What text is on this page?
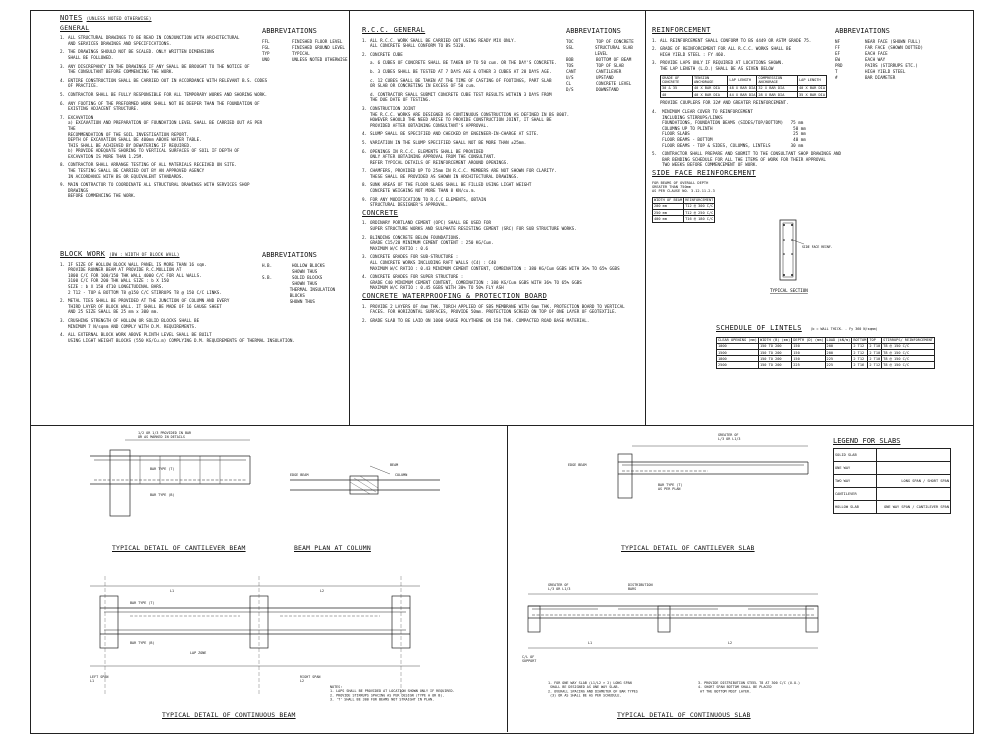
NOTES (UNLESS NOTED OTHERWISE)
GENERAL
1. ALL STRUCTURAL DRAWINGS TO BE READ IN CONJUNCTION WITH ARCHITECTURAL
AND SERVICES DRAWINGS AND SPECIFICATIONS.
2. THE DRAWINGS SHOULD NOT BE SCALED. ONLY WRITTEN DIMENSIONS
SHALL BE FOLLOWED.
3. ANY DISCREPANCY IN THE DRAWINGS IF ANY SHALL BE BROUGHT TO THE NOTICE OF
THE CONSULTANT BEFORE COMMENCING THE WORK.
4. ENTIRE CONSTRUCTION SHALL BE CARRIED OUT IN ACCORDANCE WITH RELEVANT B.S. CODES
OF PRACTICE.
5. CONTRACTOR SHALL BE FULLY RESPONSIBLE FOR ALL TEMPORARY WORKS AND SHORING WORK.
6. ANY FOOTING OF THE PREFORMED WORK SHALL NOT BE DEEPER THAN THE FOUNDATION OF
EXISTING ADJACENT STRUCTURE.
7. EXCAVATION
a) EXCAVATION AND PREPARATION OF FOUNDATION LEVEL SHALL BE CARRIED OUT AS PER THE
RECOMMENDATION OF THE SOIL INVESTIGATION REPORT.
DEPTH OF EXCAVATION SHALL BE 400mm ABOVE WATER TABLE.
THIS SHALL BE ACHIEVED BY DEWATERING IF REQUIRED.
b) PROVIDE ADEQUATE SHORING TO VERTICAL SURFACES OF SOIL IF DEPTH OF
EXCAVATION IS MORE THAN 1.25M.
8. CONTRACTOR SHALL ARRANGE TESTING OF ALL MATERIALS RECEIVED ON SITE.
THE TESTING SHALL BE CARRIED OUT BY AN APPROVED AGENCY
IN ACCORDANCE WITH BS OR EQUIVALENT STANDARDS.
9. MAIN CONTRACTOR TO COORDINATE ALL STRUCTURAL DRAWINGS WITH SERVICES SHOP DRAWINGS
BEFORE COMMENCING THE WORK.
ABBREVIATIONS
FFL	FINISHED FLOOR LEVEL
FGL	FINISHED GROUND LEVEL
TYP	TYPICAL
UNO	UNLESS NOTED OTHERWISE
BLOCK WORK (BW : WIDTH OF BLOCK WALL)
1. IF SIZE OF HOLLOW BLOCK WALL PANEL IS MORE THAN 16 sqm.
PROVIDE RUNNER BEAM AT PROVIDE R.C.MULLION AT
1800 C/C FOR 100/150 THK WALL 4000 C/C FOR ALL WALLS.
3100 C/C FOR 200 THK WALL SIZE : b X 150
SIZE : b X 150 4T10 LONGITUDINAL BARS.
2 T12 - TOP & BOTTOM T8 @150 C/C STIRRUPS T8 @ 150 C/C LINKS.
2. METAL TIES SHALL BE PROVIDED AT THE JUNCTION OF COLUMN AND EVERY
THIRD LAYER OF BLOCK WALL. IT SHALL BE MADE OF 16 GAUGE SHEET
AND 25 SIZE SHALL BE 25 mm x 300 mm.
3. CRUSHING STRENGTH OF HOLLOW OR SOLID BLOCKS SHALL BE
MINIMUM 7 N/sqmm AND COMPLY WITH D.M. REQUIREMENTS.
4. ALL EXTERNAL BLOCK WORK ABOVE PLINTH LEVEL SHALL BE BUILT
USING LIGHT WEIGHT BLOCKS (550 KG/Cu.m) COMPLYING D.M. REQUIREMENTS OF THERMAL INSULATION.
ABBREVIATIONS
H.B.	HOLLOW BLOCKS
SHOWN THUS
S.B.	SOLID BLOCKS
SHOWN THUS
THERMAL INSULATION BLOCKS
SHOWN THUS
R.C.C. GENERAL
1. ALL R.C.C. WORK SHALL BE CARRIED OUT USING READY MIX ONLY.
ALL CONCRETE SHALL CONFORM TO BS 5328.
2. CONCRETE CUBE
a. 6 CUBES OF CONCRETE SHALL BE TAKEN UP TO 50 cum. OR THE DAY'S CONCRETE.
b. 3 CUBES SHALL BE TESTED AT 7 DAYS AGE & OTHER 3 CUBES AT 28 DAYS AGE.
c. 12 CUBES SHALL BE TAKEN AT THE TIME OF CASTING OF FOOTINGS, PART SLAB
OR SLAB OR CONCRETING IN EXCESS OF 50 cum.
d. CONTRACTOR SHALL SUBMIT CONCRETE CUBE TEST RESULTS WITHIN 3 DAYS FROM
THE DUE DATE OF TESTING.
3. CONSTRUCTION JOINT
THE R.C.C. WORKS ARE DESIGNED AS CONTINUOUS CONSTRUCTION AS DEFINED IN BS 8007.
HOWEVER SHOULD THE NEED ARISE TO PROVIDE CONSTRUCTION JOINT, IT SHALL BE
PROVIDED AFTER OBTAINING CONSULTANT'S APPROVAL.
4. SLUMP SHALL BE SPECIFIED AND CHECKED BY ENGINEER-IN-CHARGE AT SITE.
5. VARIATION IN THE SLUMP SPECIFIED SHALL NOT BE MORE THAN ±25mm.
6. OPENINGS IN R.C.C. ELEMENTS SHALL BE PROVIDED
ONLY AFTER OBTAINING APPROVAL FROM THE CONSULTANT.
REFER TYPICAL DETAILS OF REINFORCEMENT AROUND OPENINGS.
7. CHAMFERS, PROVIDED UP TO 25mm IN R.C.C. MEMBERS ARE NOT SHOWN FOR CLARITY.
THESE SHALL BE PROVIDED AS SHOWN IN ARCHITECTURAL DRAWINGS.
8. SUNK AREAS OF THE FLOOR SLABS SHALL BE FILLED USING LIGHT WEIGHT
CONCRETE WEIGHING NOT MORE THAN 8 KN/cu.m.
9. FOR ANY MODIFICATION TO R.C.C ELEMENTS, OBTAIN
STRUCTURAL DESIGNER'S APPROVAL.
CONCRETE
1. ORDINARY PORTLAND CEMENT (OPC) SHALL BE USED FOR
SUPER STRUCTURE WORKS AND SULPHATE RESISTING CEMENT (SRC) FOR SUB STRUCTURE WORKS.
2. BLINDING CONCRETE BELOW FOUNDATIONS.
GRADE C15/20 MINIMUM CEMENT CONTENT : 250 KG/Cum.
MAXIMUM W/C RATIO : 0.6
3. CONCRETE GRADES FOR SUB-STRUCTURE :
ALL CONCRETE WORKS INCLUDING RAFT WALLS (C4) : C40
MAXIMUM W/C RATIO : 0.43 MINIMUM CEMENT CONTENT, COMBINATION : 380 KG/Cum GGBS WITH 36% TO 65% GGBS
4. CONCRETE GRADES FOR SUPER STRUCTURE :
GRADE C40 MINIMUM CEMENT CONTENT, COMBINATION : 380 KG/Cum GGBS WITH 36% TO 65% GGBS
MAXIMUM W/C RATIO : 0.45 GGBS WITH 30% TO 50% FLY ASH
CONCRETE WATERPROOFING & PROTECTION BOARD
1. PROVIDE 2 LAYERS OF 4mm THK. TORCH APPLIED OF SBS MEMBRANE WITH 6mm THK. PROTECTION BOARD TO VERTICAL
FACES. FOR HORIZONTAL SURFACES, PROVIDE 50mm. PROTECTION SCREED ON TOP OF ONE LAYER OF GEOTEXTILE.
2. GRADE SLAB TO BE LAID ON 1000 GAUGE POLYTHENE ON 150 THK. COMPACTED ROAD BASE MATERIAL.
ABBREVIATIONS
TOC	TOP OF CONCRETE
SSL	STRUCTURAL SLAB LEVEL
BOB	BOTTOM OF BEAM
TOS	TOP OF SLAB
CANT	CANTILEVER
U/S	UPSTAND
CL	CONCRETE LEVEL
D/S	DOWNSTAND
REINFORCEMENT
1. ALL REINFORCEMENT SHALL CONFORM TO BS 4449 OR ASTM GRADE 75.
2. GRADE OF REINFORCEMENT FOR ALL R.C.C. WORKS SHALL BE
HIGH YIELD STEEL : FY 460.
3. PROVIDE LAPS ONLY IF REQUIRED AT LOCATIONS SHOWN.
THE LAP LENGTH (L.D.) SHALL BE AS GIVEN BELOW
GRADE OF CONCRETE	TENSION ANCHORAGE	LAP LENGTH	COMPRESSION ANCHORAGE	LAP LENGTH
30 & 35	40 X BAR DIA	48 X BAR DIA	32 X BAR DIA	40 X BAR DIA
40	40 X BAR DIA	44 X BAR DIA	28 X BAR DIA	35 X BAR DIA
PROVIDE COUPLERS FOR 32# AND GREATER REINFORCEMENT.
4.  MINIMUM CLEAR COVER TO REINFORCEMENT
INCLUDING STIRRUPS/LINKS
FOUNDATIONS, FOUNDATION BEAMS (SIDES/TOP/BOTTOM)   75 mm
COLUMNS UP TO PLINTH                                50 mm
FLOOR SLABS                                         25 mm
FLOOR BEAMS - BOTTOM                                40 mm
FLOOR BEAMS - TOP & SIDES, COLUMNS, LINTELS        30 mm
5.  CONTRACTOR SHALL PREPARE AND SUBMIT TO THE CONSULTANT SHOP DRAWINGS AND
BAR BENDING SCHEDULE FOR ALL THE ITEMS OF WORK FOR THEIR APPROVAL
TWO WEEKS BEFORE COMMENCEMENT OF WORK.
SIDE FACE REINFORCEMENT
FOR BEAMS OF OVERALL DEPTH
GREATER THAN 750mm
AS PER CLAUSE NO. 3.12.11.2.3
WIDTH OF BEAM	REINFORCEMENT
200 mm	T12 @ 300 C/C
250 mm	T12 @ 250 C/C
400 mm	T16 @ 180 C/C
ABBREVIATIONS
NF	NEAR FACE (SHOWN FULL)
FF	FAR FACE (SHOWN DOTTED)
EF	EACH FACE
EW	EACH WAY
PRD	PAIRS (STIRRUPS ETC.)
T	HIGH YIELD STEEL
#	BAR DIAMETER
SIDE FACE REINF.
TYPICAL SECTION
SCHEDULE OF LINTELS	(b = WALL THICK. - Fy 360 N/sqmm)
CLEAR OPENING (mm)	WIDTH (B) (mm)	DEPTH (D) (mm)	LOAD (kN/m)	BOTTOM	TOP	STIRRUPS/ REINFORCEMENT
1000	150 TO 200	150	200	2 T12	2 T10	T8 @ 150 C/C
1500	150 TO 200	150	200	2 T12	2 T10	T8 @ 150 C/C
1800	150 TO 200	150	225	2 T12	2 T10	T8 @ 150 C/C
2500	150 TO 200	225	225	2 T16	2 T12	T8 @ 150 C/C
LEGEND FOR SLABS
SOLID SLAB	
ONE WAY	
TWO WAY	LONG SPAN / SHORT SPAN
CANTILEVER	
HOLLOW SLAB	ONE WAY SPAN / CANTILEVER SPAN
1/2 OR 1/3 PROVIDED IN BAR OR AS MARKED IN DETAILS
BAR TYPE (T)
BAR TYPE (B)
BEAM
COLUMN
EDGE BEAM
L1	L2
BAR TYPE (T)
BAR TYPE (B)
LEFT SPAN L1
RIGHT SPAN L2
LAP ZONE
NOTES: 1. LAPS SHALL BE PROVIDED AT LOCATION SHOWN ONLY IF REQUIRED. 2. PROVIDE STIRRUPS SPACING AS PER DESIGN (TYPE A OR B). 3. 'T' SHALL BE 300 FOR BEAMS NOT STRAIGHT IN PLAN.
TYPICAL DETAIL OF CANTILEVER BEAM	BEAM PLAN AT COLUMN
TYPICAL DETAIL OF CONTINUOUS BEAM
GREATER OF L/3 OR L1/3
BAR TYPE (T) AS PER PLAN
EDGE BEAM
GREATER OF L/3 OR L1/3
DISTRIBUTION BARS
L1	L2
C/L OF SUPPORT
1. FOR ONE WAY SLAB (L1/L2 > 2) LONG SPAN SHALL BE DESIGNED AS ONE WAY SLAB. 2. OVERALL SPACING AND DIAMETER OF BAR TYPES (3) OR AS SHALL BE AS PER SCHEDULE.
3. PROVIDE DISTRIBUTION STEEL T8 AT 300 C/C (U.O.) 4. SHORT SPAN BOTTOM SHALL BE PLACED AT THE BOTTOM MOST LAYER.
TYPICAL DETAIL OF CANTILEVER SLAB
TYPICAL DETAIL OF CONTINUOUS SLAB
